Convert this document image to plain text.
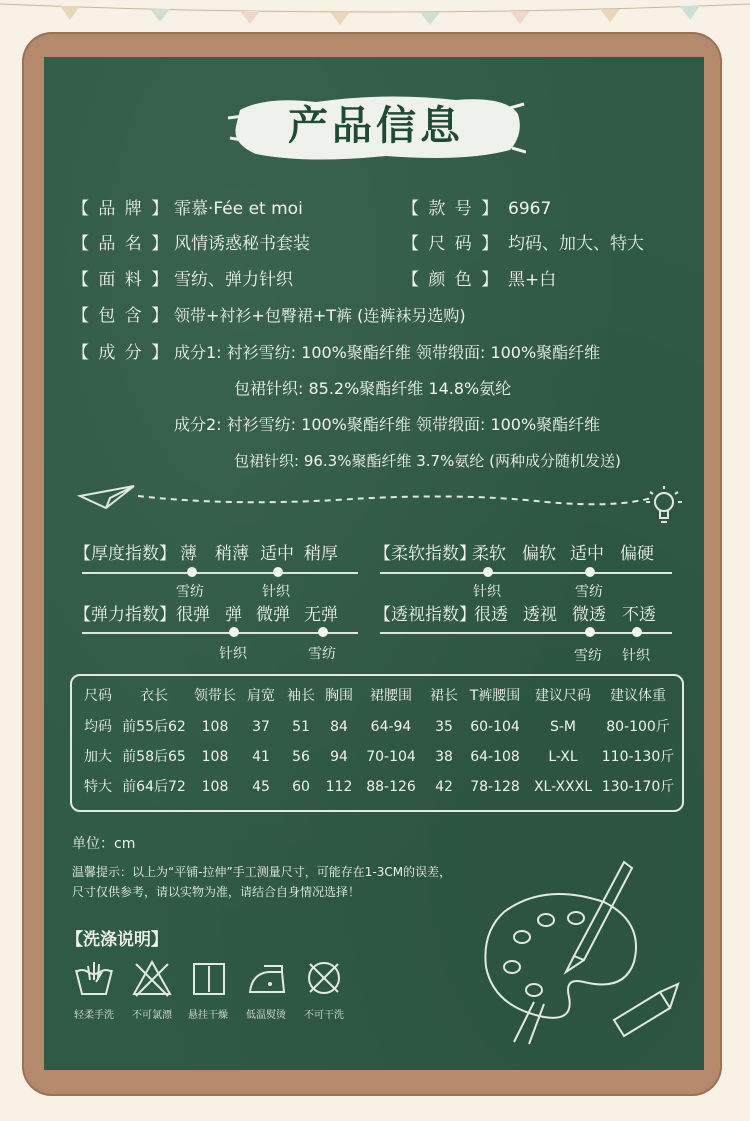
产品信息
【 品 牌 】 霏慕·Fée et moi	【 款 号 】 6967
【 品 名 】 风情诱惑秘书套装	【 尺 码 】 均码、加大、特大
【 面 料 】 雪纺、弹力针织	【 颜 色 】 黑+白
【 包 含 】 领带+衬衫+包臀裙+T裤 (连裤袜另选购)
【 成 分 】 成分1: 衬衫雪纺: 100%聚酯纤维 领带缎面: 100%聚酯纤维
包裙针织: 85.2%聚酯纤维 14.8%氨纶
成分2: 衬衫雪纺: 100%聚酯纤维 领带缎面: 100%聚酯纤维
包裙针织: 96.3%聚酯纤维 3.7%氨纶 (两种成分随机发送)
【厚度指数】 薄 稍薄 适中 稍厚
雪纺	针织
【柔软指数】
柔软 偏软 适中 偏硬
针织	雪纺
【弹力指数】 很弹 弹 微弹 无弹
针织	雪纺
【透视指数】
很透 透视 微透 不透
雪纺 针织
尺码	衣长	领带长 肩宽 袖长 胸围	裙腰围	裙长 T裤腰围	建议尺码	建议体重
均码 前55后62	108	37	51	84	64-94	35	60-104	S-M	80-100斤
加大 前58后65	108	41	56	94	70-104	38	64-108	L-XL	110-130斤
特大 前64后72	108	45	60	112 88-126	42	78-128	XL-XXXL 130-170斤
单位：cm
温馨提示：以上为“平铺-拉伸”手工测量尺寸，可能存在1-3CM的误差，
尺寸仅供参考，请以实物为准，请结合自身情况选择！
【洗涤说明】
轻柔手洗	不可氯漂	悬挂干燥	低温熨烫	不可干洗
